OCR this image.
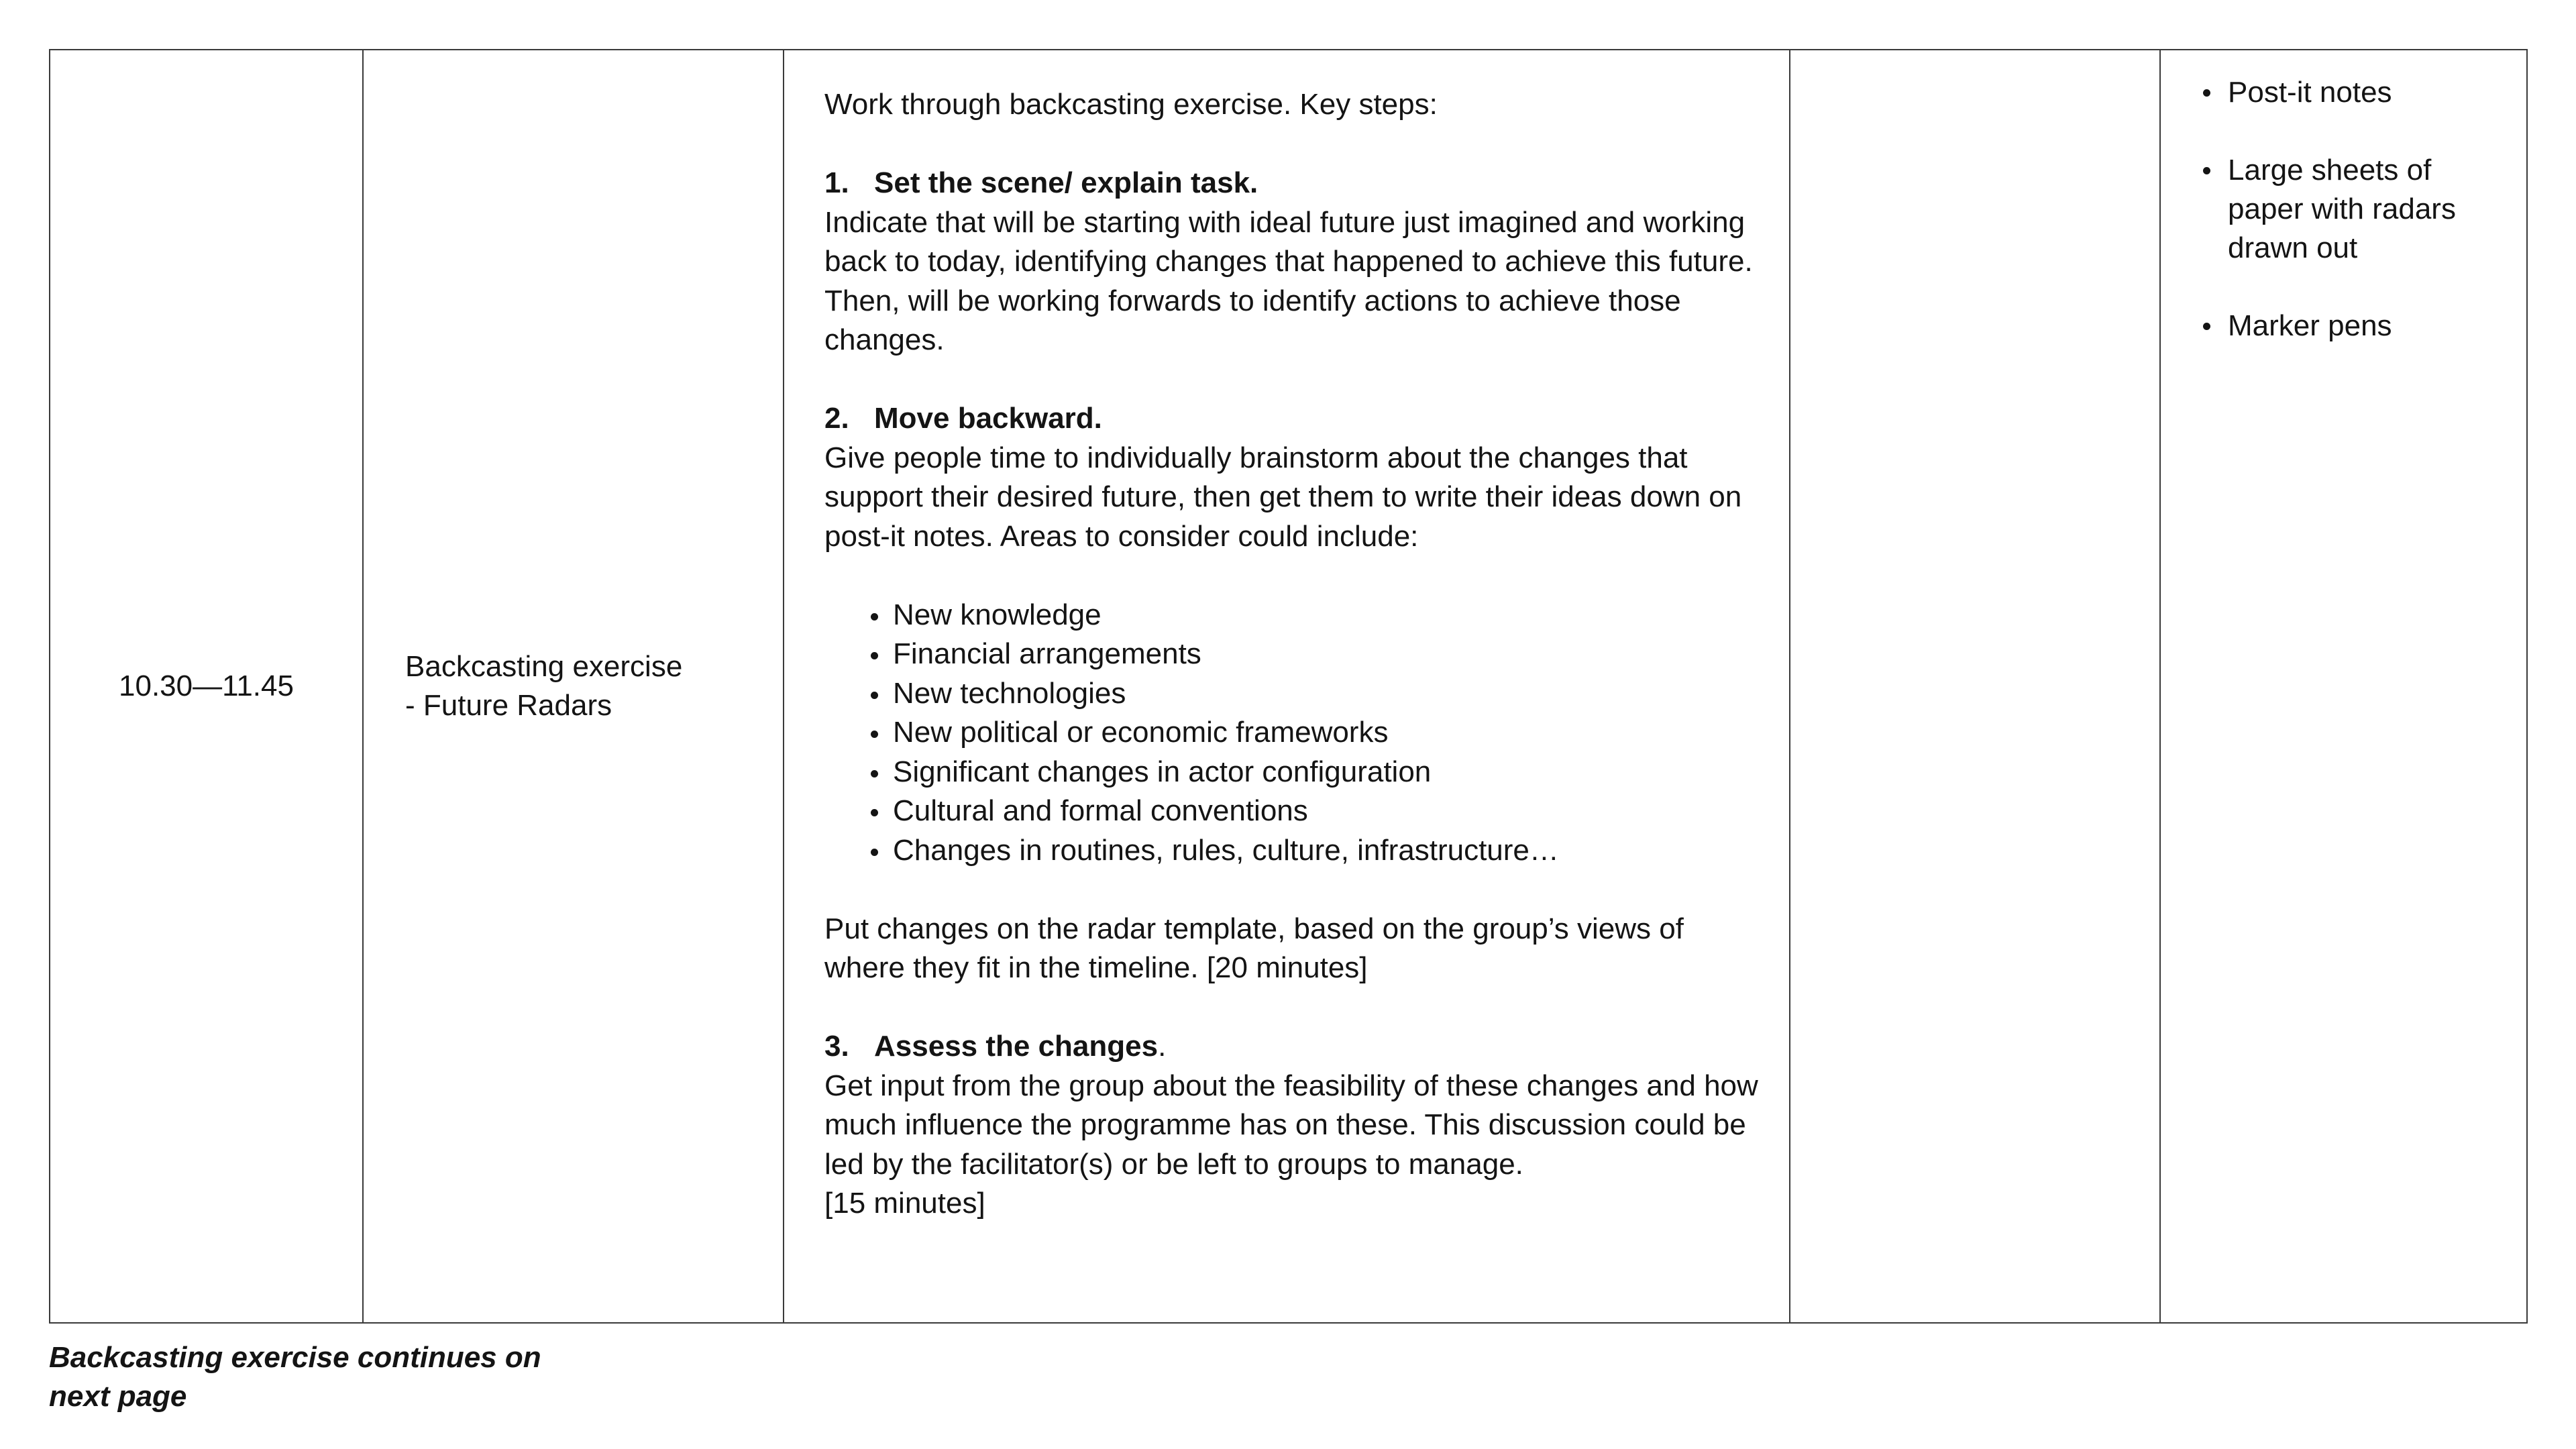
10.30—11.45
Backcasting exercise
- Future Radars

Work through backcasting exercise. Key steps:

1. Set the scene/ explain task.

Indicate that will be starting with ideal future just imagined and working back to today, identifying changes that happened to achieve this future. Then, will be working forwards to identify actions to achieve those changes.

2. Move backward.

Give people time to individually brainstorm about the changes that support their desired future, then get them to write their ideas down on post-it notes. Areas to consider could include:

New knowledge
Financial arrangements
New technologies
New political or economic frameworks
Significant changes in actor configuration
Cultural and formal conventions
Changes in routines, rules, culture, infrastructure…

Put changes on the radar template, based on the group’s views of where they fit in the timeline. [20 minutes]

3. Assess the changes.

Get input from the group about the feasibility of these changes and how much influence the programme has on these. This discussion could be led by the facilitator(s) or be left to groups to manage.

[15 minutes]

Post-it notes
Large sheets of paper with radars drawn out
Marker pens
Backcasting exercise continues on
next page
